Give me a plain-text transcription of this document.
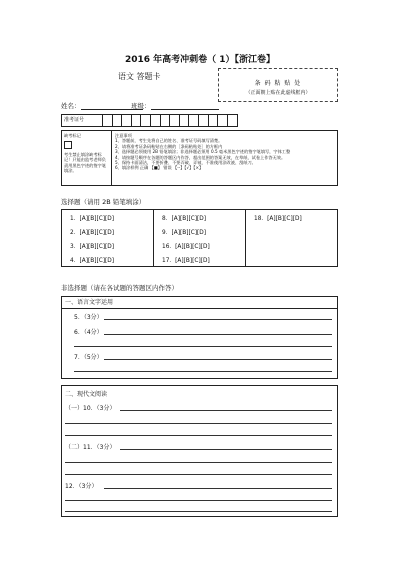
2016 年高考冲刺卷（ 1）【浙江卷】
语文 答题卡
条 码 粘 贴 处
（正面朝上贴在此虚线框内）
姓名：	班级：
准考证号
缺考标记
考生禁止填涂缺考标记！只能由监考老师负责用黑色字迹的签字笔填涂。
注意事项
1、答题前，考生先将自己的姓名、准考证号码填写清楚。
2、请将准考证条码粘贴在右侧的［条码粘贴处］的方框内
3、选择题必须使用 2B 铅笔填涂；非选择题必须用 0.5 毫米黑色字迹的签字笔填写，字体工整
4、请按题号顺序在各题的答题区内作答，超出范围的答案无效，在草纸、试卷上作答无效。
5、保持卡面清洁，不要折叠、不要弄破、弄皱，不准使用涂改液、刮纸刀。
6、填涂样例 正确 【■】 错误 【--】【√】【×】
选择题（请用 2B 铅笔填涂）
1．[A][B][C][D]
2．[A][B][C][D]
3．[A][B][C][D]
4．[A][B][C][D]
8．[A][B][C][D]
9．[A][B][C][D]
16．[A][B][C][D]
17．[A][B][C][D]
18．[A][B][C][D]
非选择题（请在各试题的答题区内作答）
一、语言文字运用
5．（3分）
6．（4分）
7．（5分）
二、现代文阅读
（一）10．（3分）
（二）11．（3分）
12．（3分）
